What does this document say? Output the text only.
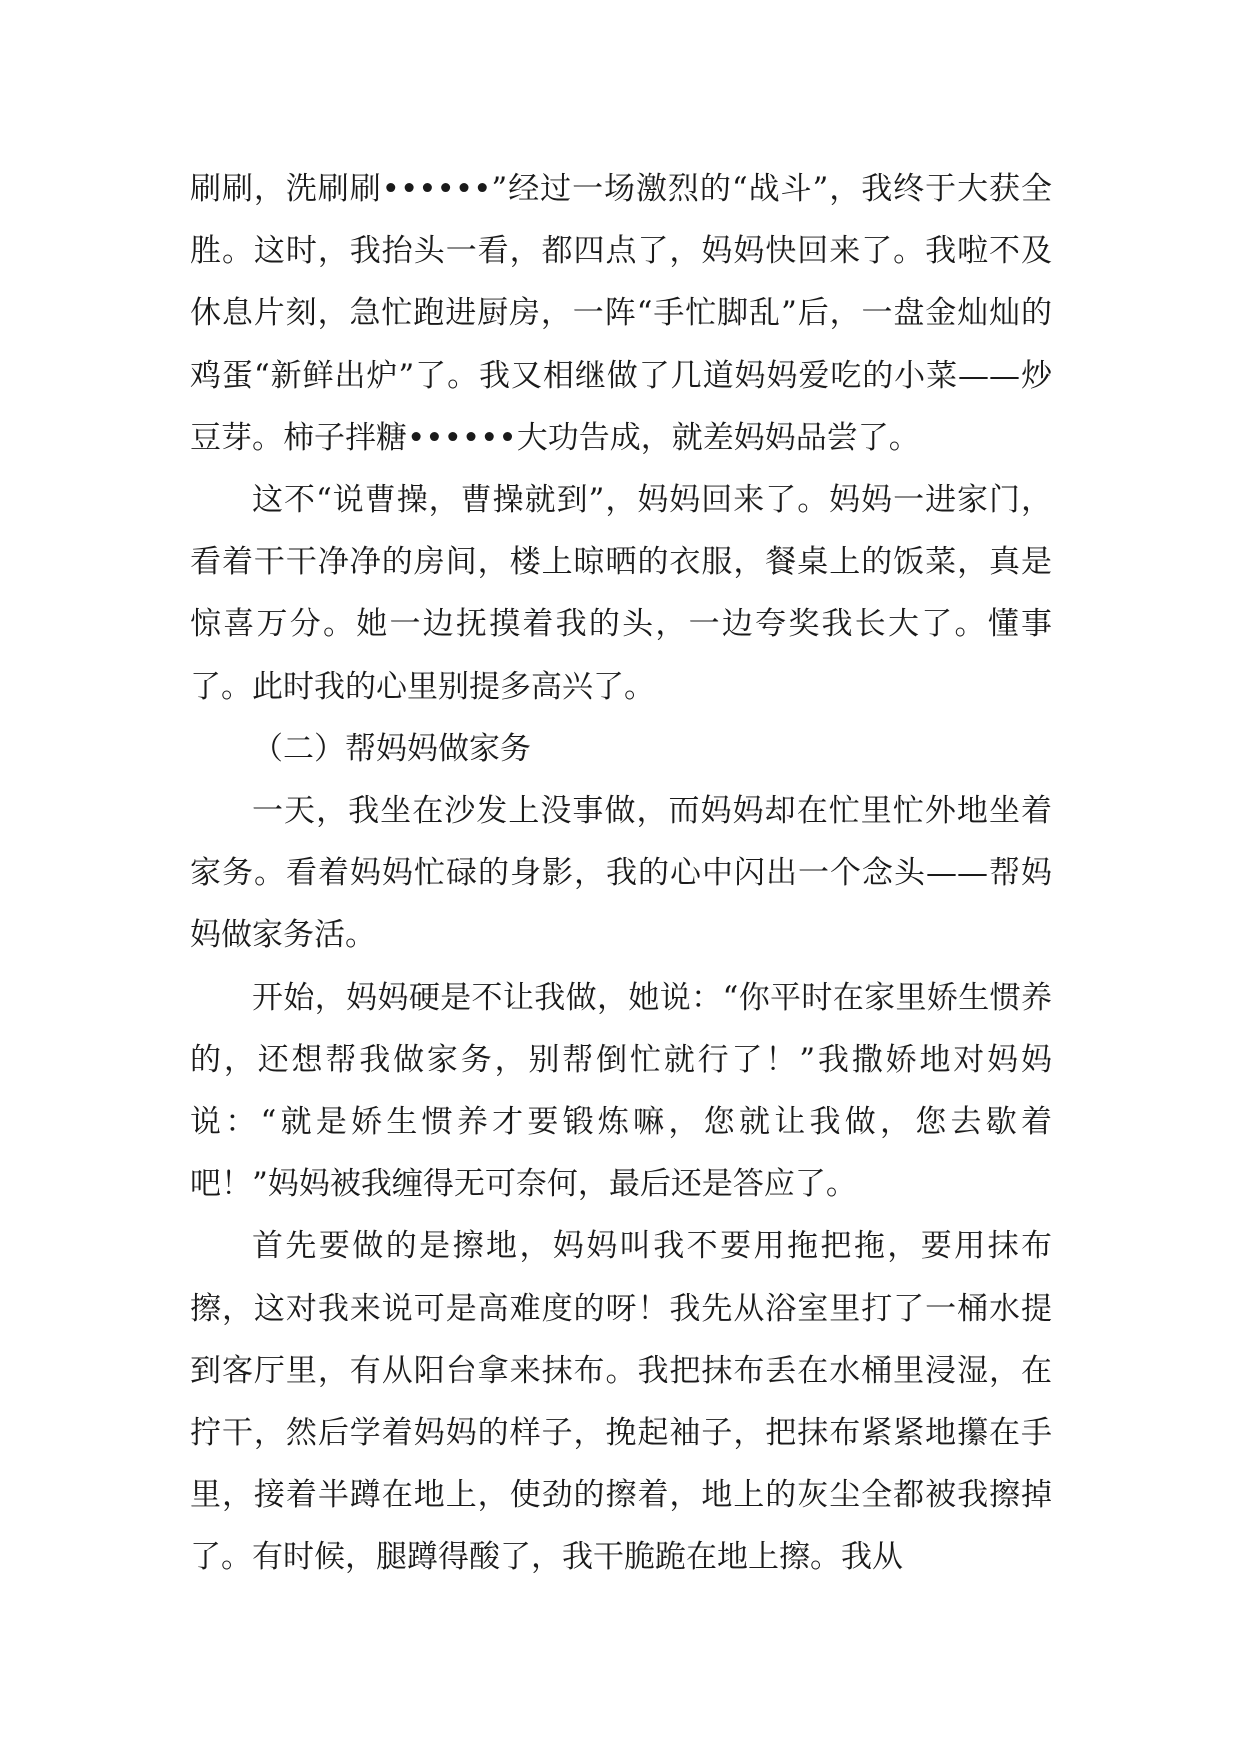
刷刷，洗刷刷••••••”经过一场激烈的“战斗”，我终于大获全胜。这时，我抬头一看，都四点了，妈妈快回来了。我啦不及休息片刻，急忙跑进厨房，一阵“手忙脚乱”后，一盘金灿灿的鸡蛋“新鲜出炉”了。我又相继做了几道妈妈爱吃的小菜——炒豆芽。柿子拌糖••••••大功告成，就差妈妈品尝了。

这不“说曹操，曹操就到”，妈妈回来了。妈妈一进家门，看着干干净净的房间，楼上晾晒的衣服，餐桌上的饭菜，真是惊喜万分。她一边抚摸着我的头，一边夸奖我长大了。懂事了。此时我的心里别提多高兴了。

（二）帮妈妈做家务

一天，我坐在沙发上没事做，而妈妈却在忙里忙外地坐着家务。看着妈妈忙碌的身影，我的心中闪出一个念头——帮妈妈做家务活。

开始，妈妈硬是不让我做，她说：“你平时在家里娇生惯养的，还想帮我做家务，别帮倒忙就行了！”我撒娇地对妈妈说：“就是娇生惯养才要锻炼嘛，您就让我做，您去歇着吧！”妈妈被我缠得无可奈何，最后还是答应了。

首先要做的是擦地，妈妈叫我不要用拖把拖，要用抹布擦，这对我来说可是高难度的呀！我先从浴室里打了一桶水提到客厅里，有从阳台拿来抹布。我把抹布丢在水桶里浸湿，在拧干，然后学着妈妈的样子，挽起袖子，把抹布紧紧地攥在手里，接着半蹲在地上，使劲的擦着，地上的灰尘全都被我擦掉了。有时候，腿蹲得酸了，我干脆跪在地上擦。我从
